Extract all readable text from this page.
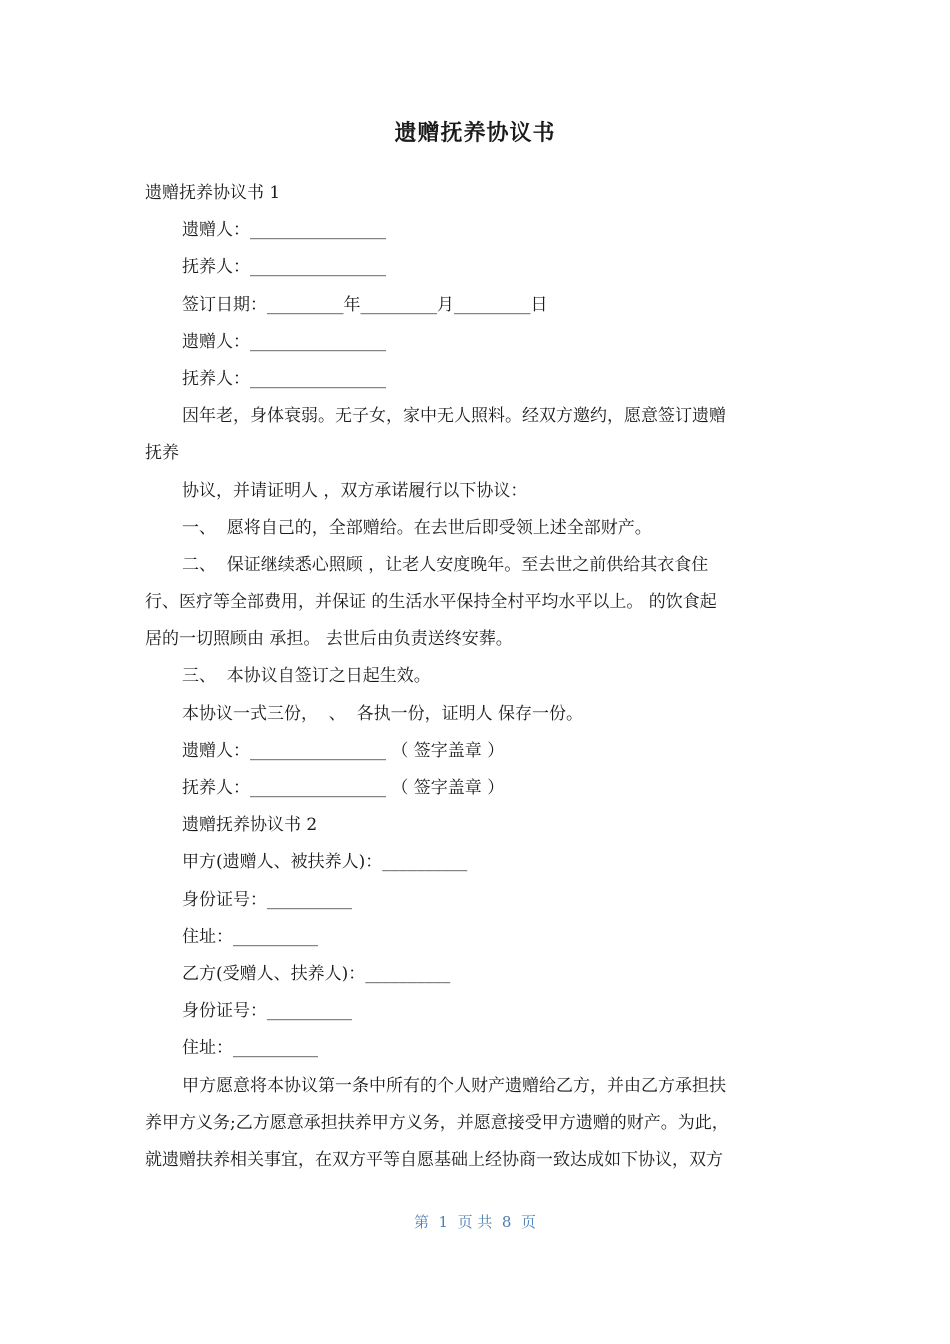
遗赠抚养协议书
遗赠抚养协议书 1
遗赠人：________________
抚养人：________________
签订日期：_________年_________月_________日
遗赠人：________________
抚养人：________________
因年老，身体衰弱。无子女，家中无人照料。经双方邀约，愿意签订遗赠
抚养
协议，并请证明人 ，双方承诺履行以下协议：
一、  愿将自己的，全部赠给。在去世后即受领上述全部财产。
二、  保证继续悉心照顾 ，让老人安度晚年。至去世之前供给其衣食住
行、医疗等全部费用，并保证 的生活水平保持全村平均水平以上。 的饮食起
居的一切照顾由 承担。 去世后由负责送终安葬。
三、  本协议自签订之日起生效。
本协议一式三份，  、  各执一份，证明人 保存一份。
遗赠人：________________ （ 签字盖章 ）
抚养人：________________ （ 签字盖章 ）
遗赠抚养协议书 2
甲方(遗赠人、被扶养人)：__________
身份证号：__________
住址：__________
乙方(受赠人、扶养人)：__________
身份证号：__________
住址：__________
甲方愿意将本协议第一条中所有的个人财产遗赠给乙方，并由乙方承担扶
养甲方义务;乙方愿意承担扶养甲方义务，并愿意接受甲方遗赠的财产。为此，
就遗赠扶养相关事宜，在双方平等自愿基础上经协商一致达成如下协议，双方
第  1  页 共  8  页
